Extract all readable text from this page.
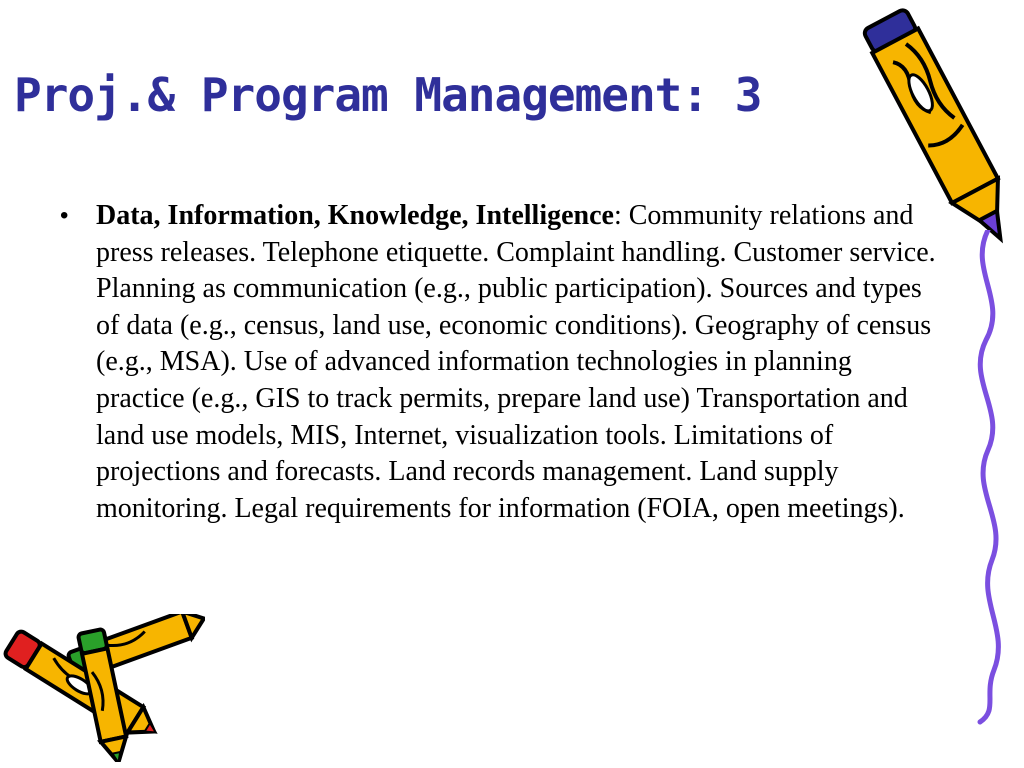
Proj.& Program Management: 3
• Data, Information, Knowledge, Intelligence: Community relations and press releases. Telephone etiquette. Complaint handling. Customer service. Planning as communication (e.g., public participation). Sources and types of data (e.g., census, land use, economic conditions). Geography of census (e.g., MSA). Use of advanced information technologies in planning practice (e.g., GIS to track permits, prepare land use) Transportation and land use models, MIS, Internet, visualization tools. Limitations of projections and forecasts. Land records management. Land supply monitoring. Legal requirements for information (FOIA, open meetings).
